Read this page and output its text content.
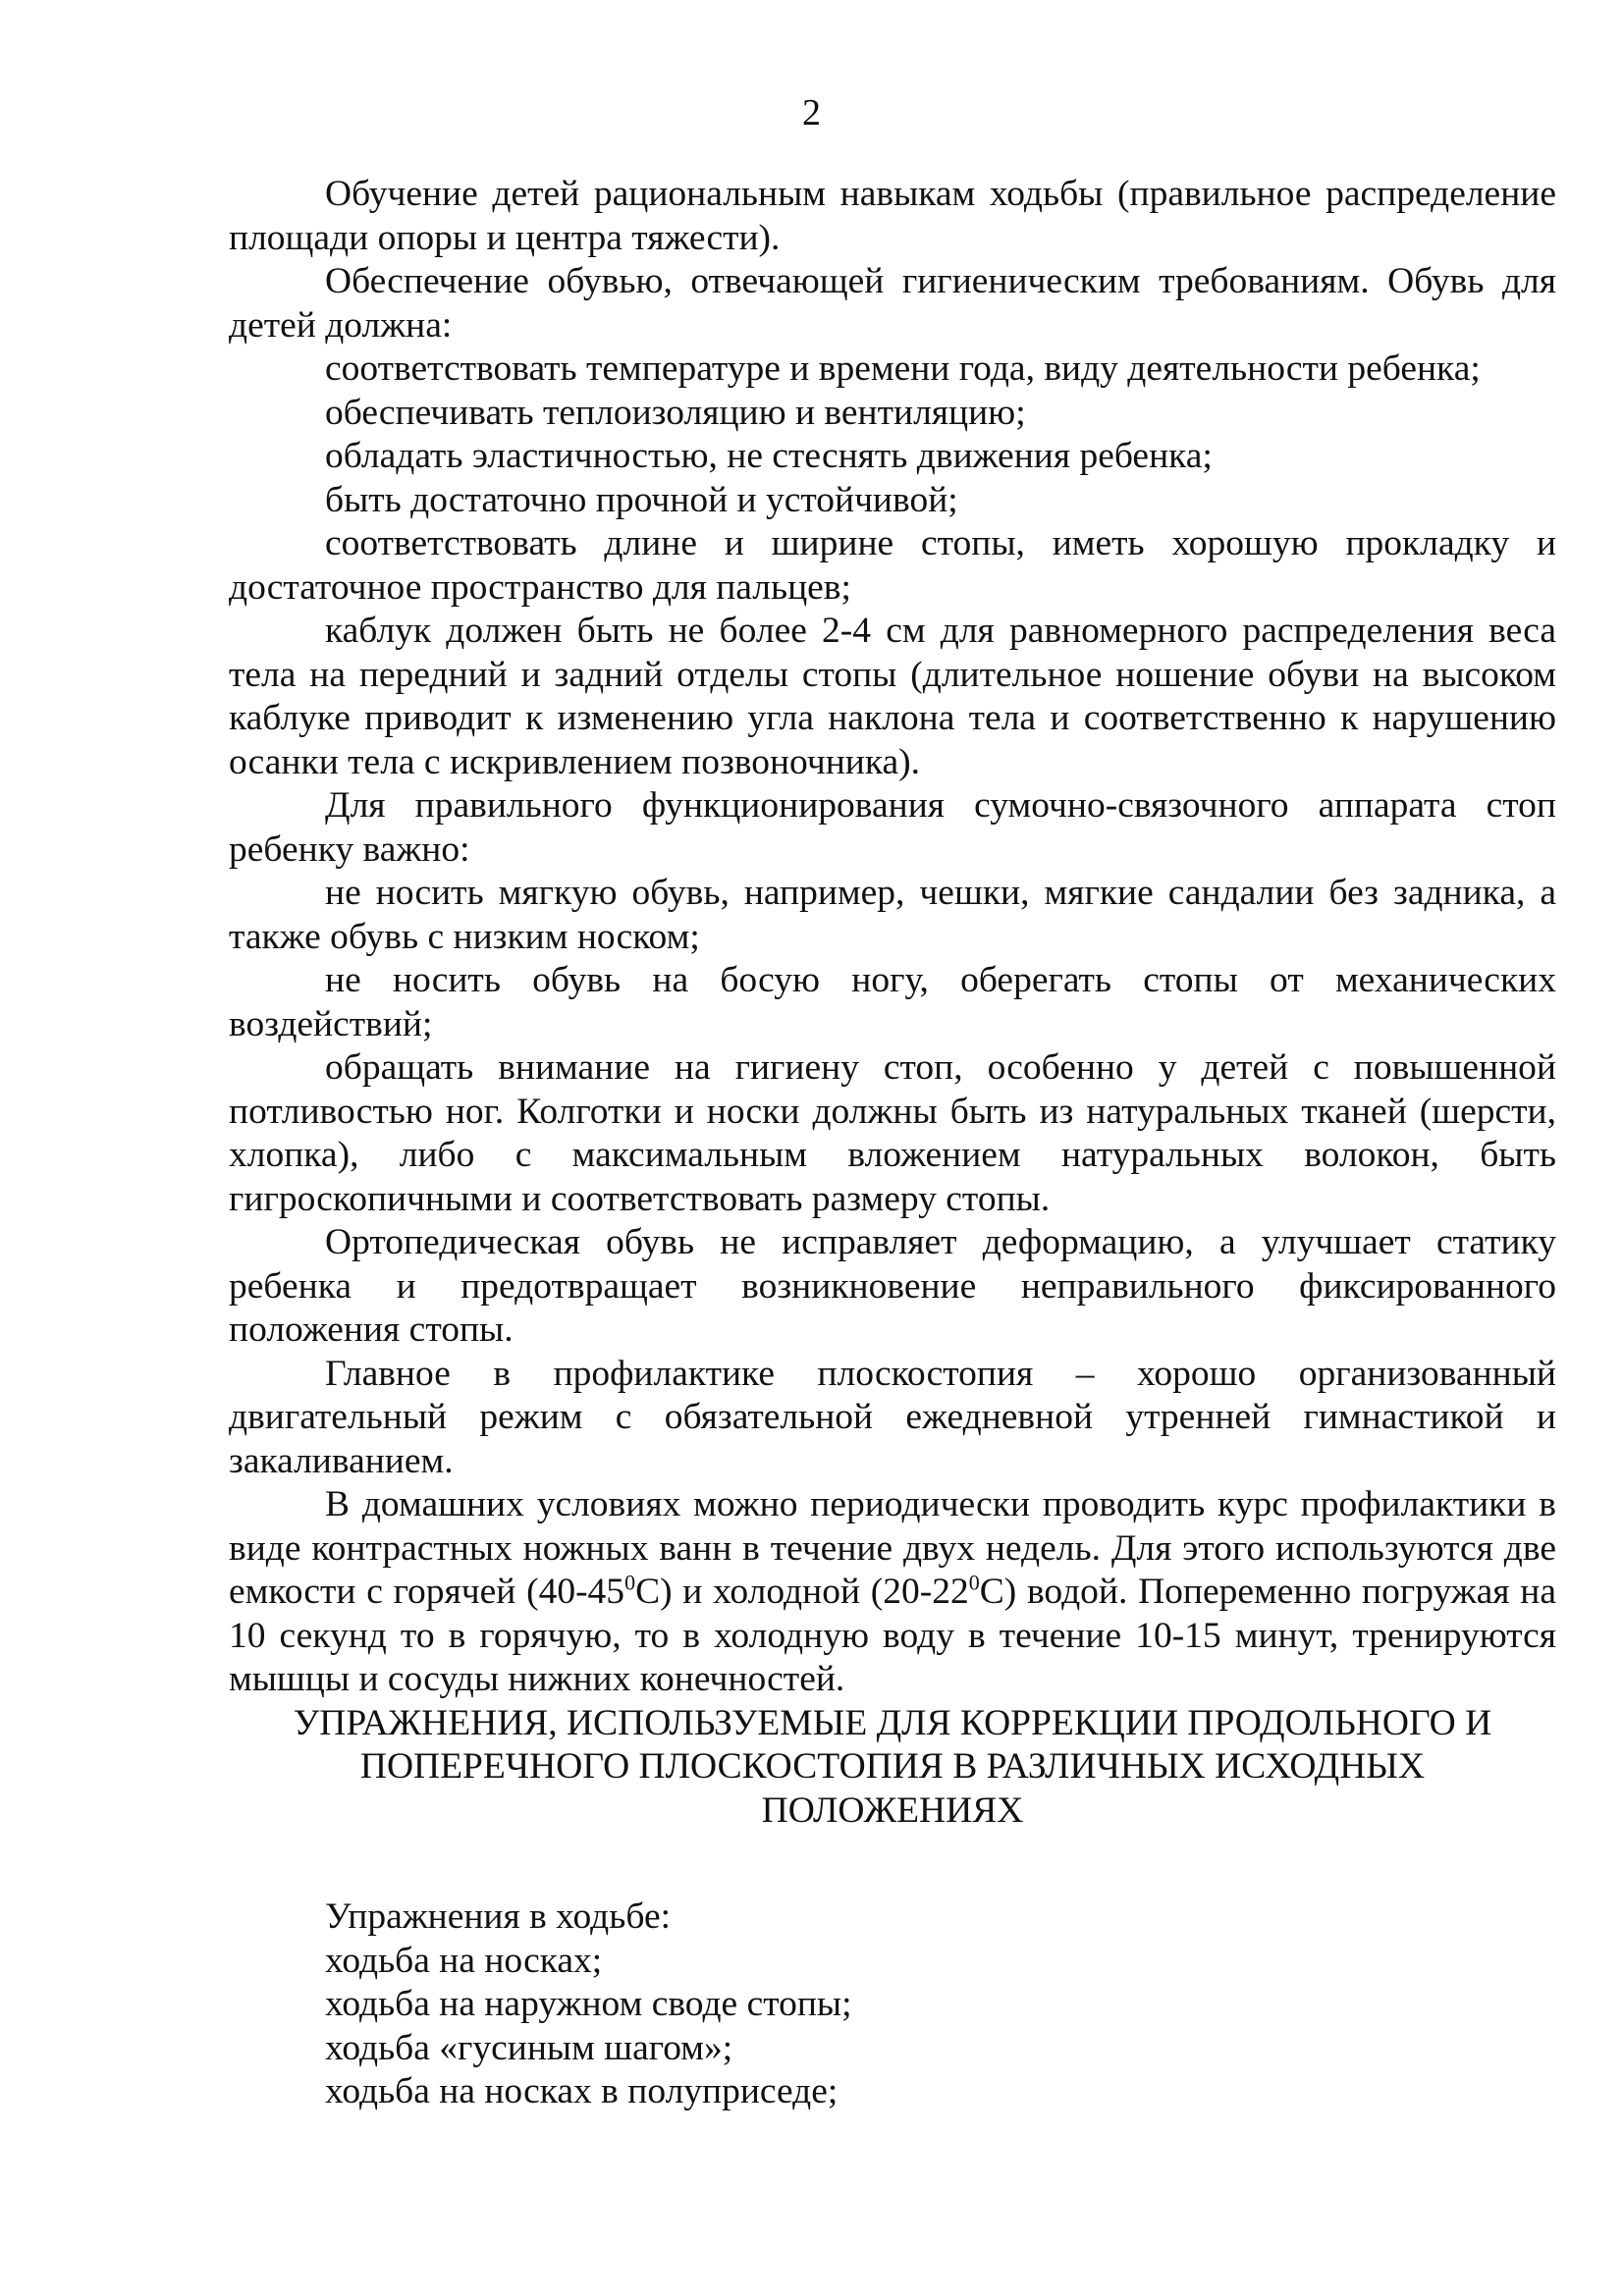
2

Обучение детей рациональным навыкам ходьбы (правильное распределение площади опоры и центра тяжести).

Обеспечение обувью, отвечающей гигиеническим требованиям. Обувь для детей должна:

соответствовать температуре и времени года, виду деятельности ребенка;

обеспечивать теплоизоляцию и вентиляцию;

обладать эластичностью, не стеснять движения ребенка;

быть достаточно прочной и устойчивой;

соответствовать длине и ширине стопы, иметь хорошую прокладку и достаточное пространство для пальцев;

каблук должен быть не более 2-4 см для равномерного распределения веса тела на передний и задний отделы стопы (длительное ношение обуви на высоком каблуке приводит к изменению угла наклона тела и соответственно к нарушению осанки тела с искривлением позвоночника).

Для правильного функционирования сумочно-связочного аппарата стоп ребенку важно:

не носить мягкую обувь, например, чешки, мягкие сандалии без задника, а также обувь с низким носком;

не носить обувь на босую ногу, оберегать стопы от механических воздействий;

обращать внимание на гигиену стоп, особенно у детей с повышенной потливостью ног. Колготки и носки должны быть из натуральных тканей (шерсти, хлопка), либо с максимальным вложением натуральных волокон, быть гигроскопичными и соответствовать размеру стопы.

Ортопедическая обувь не исправляет деформацию, а улучшает статику ребенка и предотвращает возникновение неправильного фиксированного положения стопы.

Главное в профилактике плоскостопия – хорошо организованный двигательный режим с обязательной ежедневной утренней гимнастикой и закаливанием.

В домашних условиях можно периодически проводить курс профилактики в виде контрастных ножных ванн в течение двух недель. Для этого используются две емкости с горячей $(40-45^0С)$ и холодной $(20-22^0С)$ водой. Попеременно погружая на 10 секунд то в горячую, то в холодную воду в течение 10-15 минут, тренируются мышцы и сосуды нижних конечностей.

УПРАЖНЕНИЯ, ИСПОЛЬЗУЕМЫЕ ДЛЯ КОРРЕКЦИИ ПРОДОЛЬНОГО И ПОПЕРЕЧНОГО ПЛОСКОСТОПИЯ В РАЗЛИЧНЫХ ИСХОДНЫХ ПОЛОЖЕНИЯХ

Упражнения в ходьбе:

ходьба на носках;

ходьба на наружном своде стопы;

ходьба «гусиным шагом»;

ходьба на носках в полуприседе;
